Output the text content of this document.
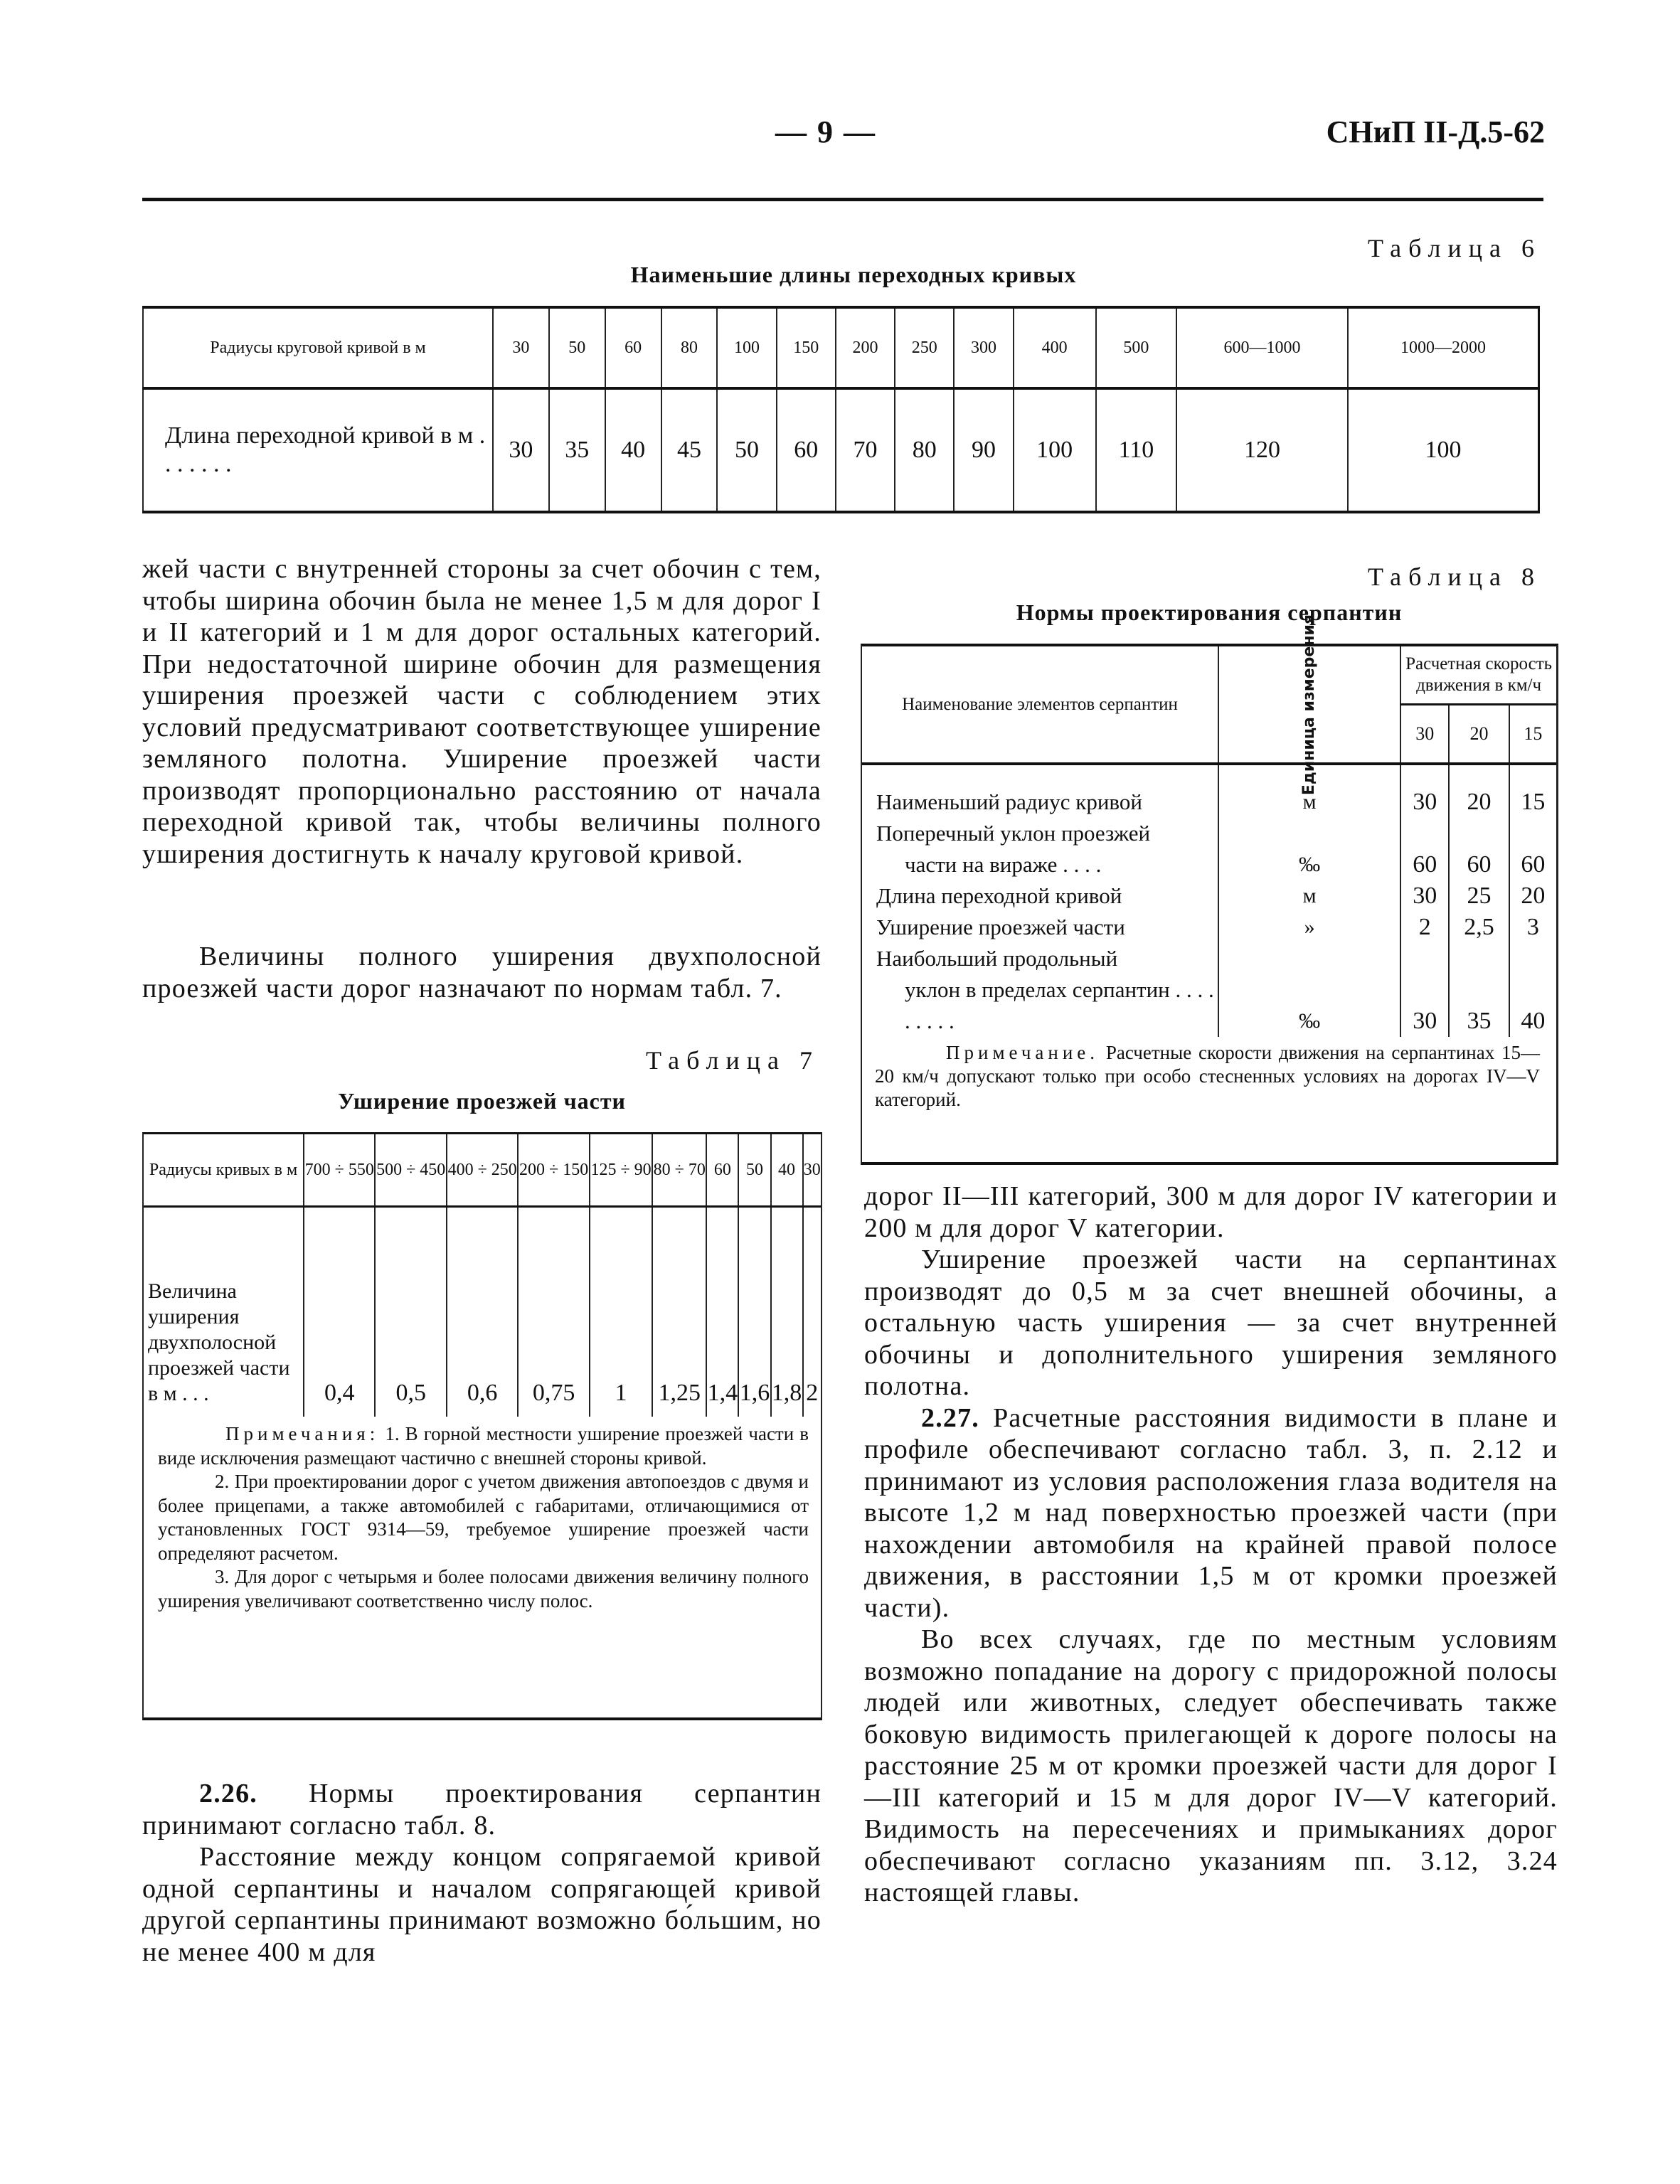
— 9 —	СНиП II-Д.5-62
Таблица 6
Наименьшие длины переходных кривых
Радиусы круговой кривой в м	30	50	60	80	100	150	200	250	300	400	500	600—1000	1000—2000
Длина переходной кривой в м . . . . . . .	30	35	40	45	50	60	70	80	90	100	110	120	100
жей части с внутренней стороны за счет обочин с тем, чтобы ширина обочин была не менее 1,5 м для дорог I и II категорий и 1 м для дорог остальных категорий. При недостаточной ширине обочин для размещения уширения проезжей части с соблюдением этих условий предусматривают соответствующее уширение земляного полотна. Уширение проезжей части производят пропорционально расстоянию от начала переходной кривой так, чтобы величины полного уширения достигнуть к началу круговой кривой.
Величины полного уширения двухполосной проезжей части дорог назначают по нормам табл. 7.
Таблица 7
Уширение проезжей части
Радиусы кривых в м	700 ÷ 550	500 ÷ 450	400 ÷ 250	200 ÷ 150	125 ÷ 90	80 ÷ 70	60	50	40	30
Величина уширения двухполосной проезжей части в м . . .	0,4	0,5	0,6	0,75	1	1,25	1,4	1,6	1,8	2

Примечания: 1. В горной местности уширение проезжей части в виде исключения размещают частично с внешней стороны кривой.

2. При проектировании дорог с учетом движения автопоездов с двумя и более прицепами, а также автомобилей с габаритами, отличающимися от установленных ГОСТ 9314—59, требуемое уширение проезжей части определяют расчетом.

3. Для дорог с четырьмя и более полосами движения величину полного уширения увеличивают соответственно числу полос.

2.26. Нормы проектирования серпантин принимают согласно табл. 8.
Расстояние между концом сопрягаемой кривой одной серпантины и началом сопрягающей кривой другой серпантины принимают возможно бо́льшим, но не менее 400 м для
Таблица 8
Нормы проектирования серпантин
Наименование элементов серпантин	Единица измерения	Расчетная скорость движения в км/ч		
		30	20	15

Наименьший радиус кривой	м	30	20	15
Поперечный уклон проезжей
части на вираже . . . .	‰	60	60	60
Длина переходной кривой	м	30	25	20
Уширение проезжей части	»	2	2,5	3
Наибольший продольный
уклон в пределах серпантин . . . . . . . . .	‰	30	35	40
Примечание. Расчетные скорости движения на серпантинах 15—20 км/ч допускают только при особо стесненных условиях на дорогах IV—V категорий.
дорог II—III категорий, 300 м для дорог IV категории и 200 м для дорог V категории.
Уширение проезжей части на серпантинах производят до 0,5 м за счет внешней обочины, а остальную часть уширения — за счет внутренней обочины и дополнительного уширения земляного полотна.
2.27. Расчетные расстояния видимости в плане и профиле обеспечивают согласно табл. 3, п. 2.12 и принимают из условия расположения глаза водителя на высоте 1,2 м над поверхностью проезжей части (при нахождении автомобиля на крайней правой полосе движения, в расстоянии 1,5 м от кромки проезжей части).
Во всех случаях, где по местным условиям возможно попадание на дорогу с придорожной полосы людей или животных, следует обеспечивать также боковую видимость прилегающей к дороге полосы на расстояние 25 м от кромки проезжей части для дорог I—III категорий и 15 м для дорог IV—V категорий. Видимость на пересечениях и примыканиях дорог обеспечивают согласно указаниям пп. 3.12, 3.24 настоящей главы.
